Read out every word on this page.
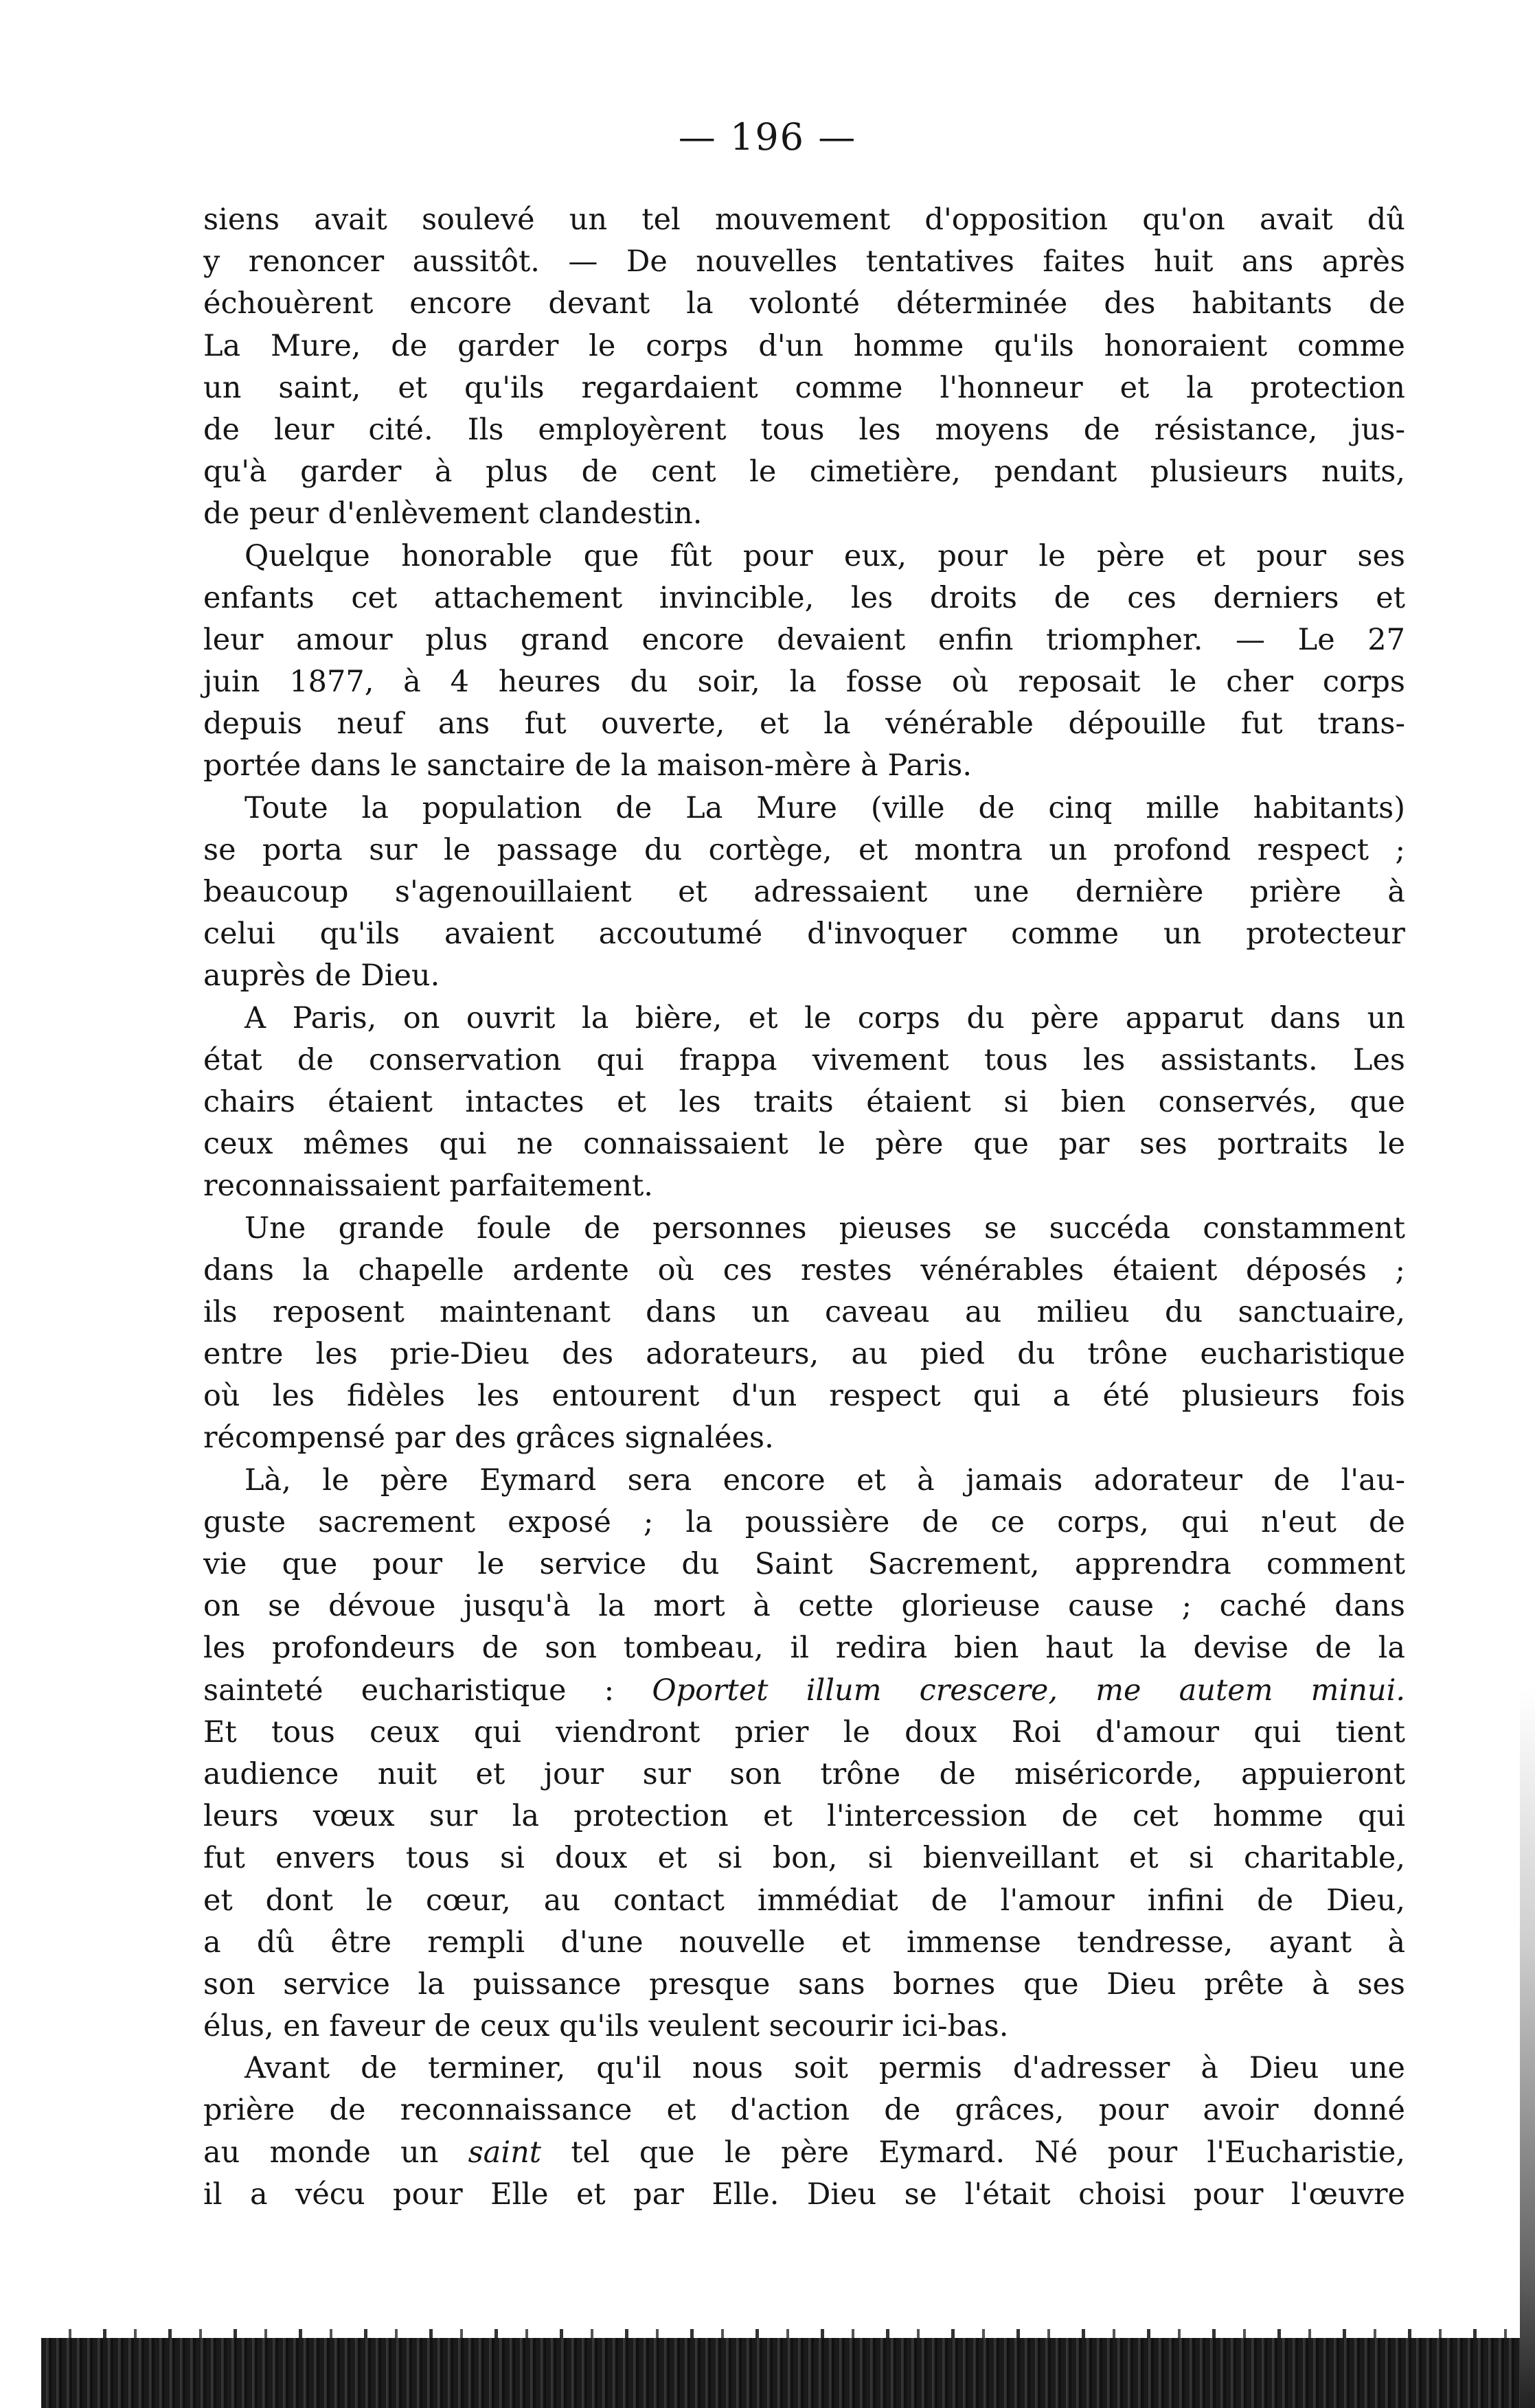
— 196 —
siens avait soulevé un tel mouvement d'opposition qu'on avait dû
y renoncer aussitôt. — De nouvelles tentatives faites huit ans après
échouèrent encore devant la volonté déterminée des habitants de
La Mure, de garder le corps d'un homme qu'ils honoraient comme
un saint, et qu'ils regardaient comme l'honneur et la protection
de leur cité. Ils employèrent tous les moyens de résistance, jus-
qu'à garder à plus de cent le cimetière, pendant plusieurs nuits,
de peur d'enlèvement clandestin.
Quelque honorable que fût pour eux, pour le père et pour ses
enfants cet attachement invincible, les droits de ces derniers et
leur amour plus grand encore devaient enfin triompher. — Le 27
juin 1877, à 4 heures du soir, la fosse où reposait le cher corps
depuis neuf ans fut ouverte, et la vénérable dépouille fut trans-
portée dans le sanctaire de la maison-mère à Paris.
Toute la population de La Mure (ville de cinq mille habitants)
se porta sur le passage du cortège, et montra un profond respect ;
beaucoup s'agenouillaient et adressaient une dernière prière à
celui qu'ils avaient accoutumé d'invoquer comme un protecteur
auprès de Dieu.
A Paris, on ouvrit la bière, et le corps du père apparut dans un
état de conservation qui frappa vivement tous les assistants. Les
chairs étaient intactes et les traits étaient si bien conservés, que
ceux mêmes qui ne connaissaient le père que par ses portraits le
reconnaissaient parfaitement.
Une grande foule de personnes pieuses se succéda constamment
dans la chapelle ardente où ces restes vénérables étaient déposés ;
ils reposent maintenant dans un caveau au milieu du sanctuaire,
entre les prie-Dieu des adorateurs, au pied du trône eucharistique
où les fidèles les entourent d'un respect qui a été plusieurs fois
récompensé par des grâces signalées.
Là, le père Eymard sera encore et à jamais adorateur de l'au-
guste sacrement exposé ; la poussière de ce corps, qui n'eut de
vie que pour le service du Saint Sacrement, apprendra comment
on se dévoue jusqu'à la mort à cette glorieuse cause ; caché dans
les profondeurs de son tombeau, il redira bien haut la devise de la
sainteté eucharistique : Oportet illum crescere, me autem minui.
Et tous ceux qui viendront prier le doux Roi d'amour qui tient
audience nuit et jour sur son trône de miséricorde, appuieront
leurs vœux sur la protection et l'intercession de cet homme qui
fut envers tous si doux et si bon, si bienveillant et si charitable,
et dont le cœur, au contact immédiat de l'amour infini de Dieu,
a dû être rempli d'une nouvelle et immense tendresse, ayant à
son service la puissance presque sans bornes que Dieu prête à ses
élus, en faveur de ceux qu'ils veulent secourir ici-bas.
Avant de terminer, qu'il nous soit permis d'adresser à Dieu une
prière de reconnaissance et d'action de grâces, pour avoir donné
au monde un saint tel que le père Eymard. Né pour l'Eucharistie,
il a vécu pour Elle et par Elle. Dieu se l'était choisi pour l'œuvre
